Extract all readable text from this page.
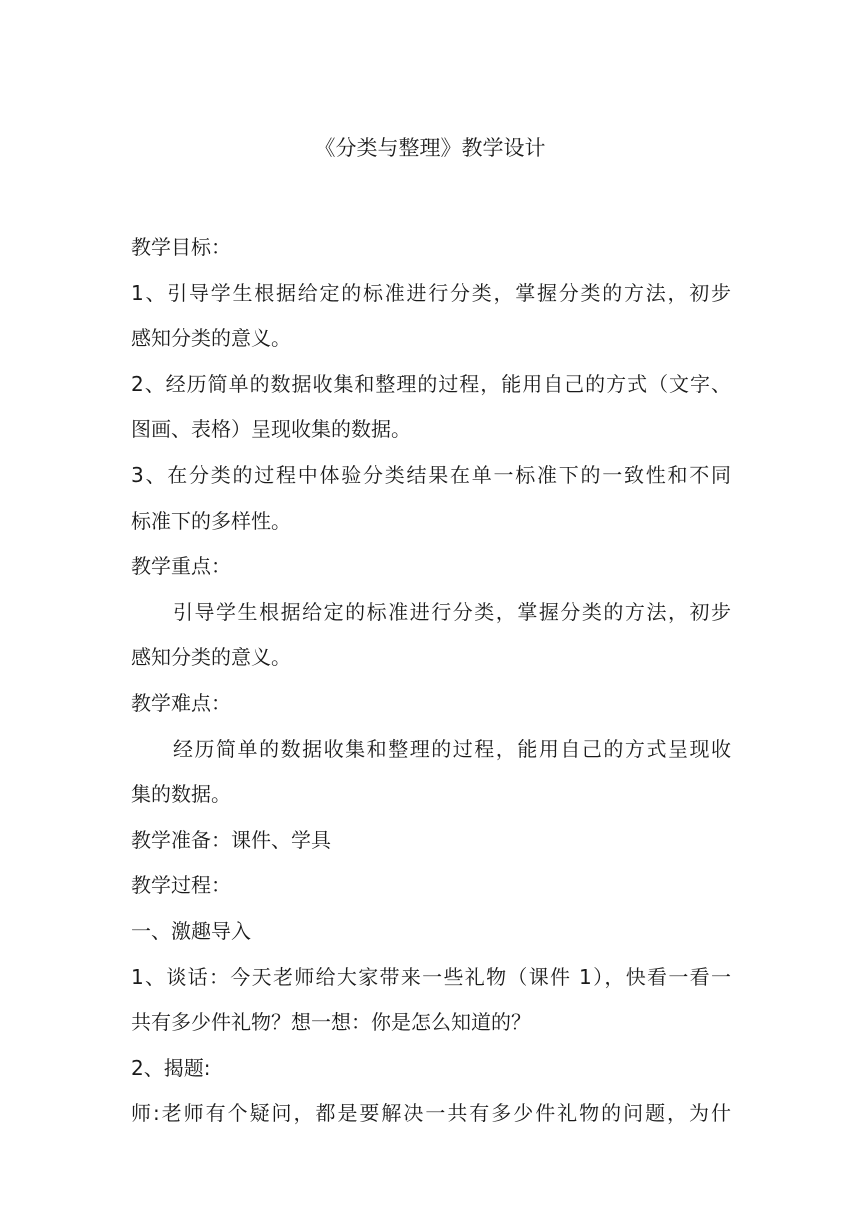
《分类与整理》教学设计
教学目标：
1、引导学生根据给定的标准进行分类，掌握分类的方法，初步
感知分类的意义。
2、经历简单的数据收集和整理的过程，能用自己的方式（文字、
图画、表格）呈现收集的数据。
3、在分类的过程中体验分类结果在单一标准下的一致性和不同
标准下的多样性。
教学重点：
引导学生根据给定的标准进行分类，掌握分类的方法，初步
感知分类的意义。
教学难点：
经历简单的数据收集和整理的过程，能用自己的方式呈现收
集的数据。
教学准备：课件、学具
教学过程：
一、激趣导入
1、谈话：今天老师给大家带来一些礼物（课件 1），快看一看一
共有多少件礼物？想一想：你是怎么知道的？
2、揭题:
师:老师有个疑问，都是要解决一共有多少件礼物的问题，为什
